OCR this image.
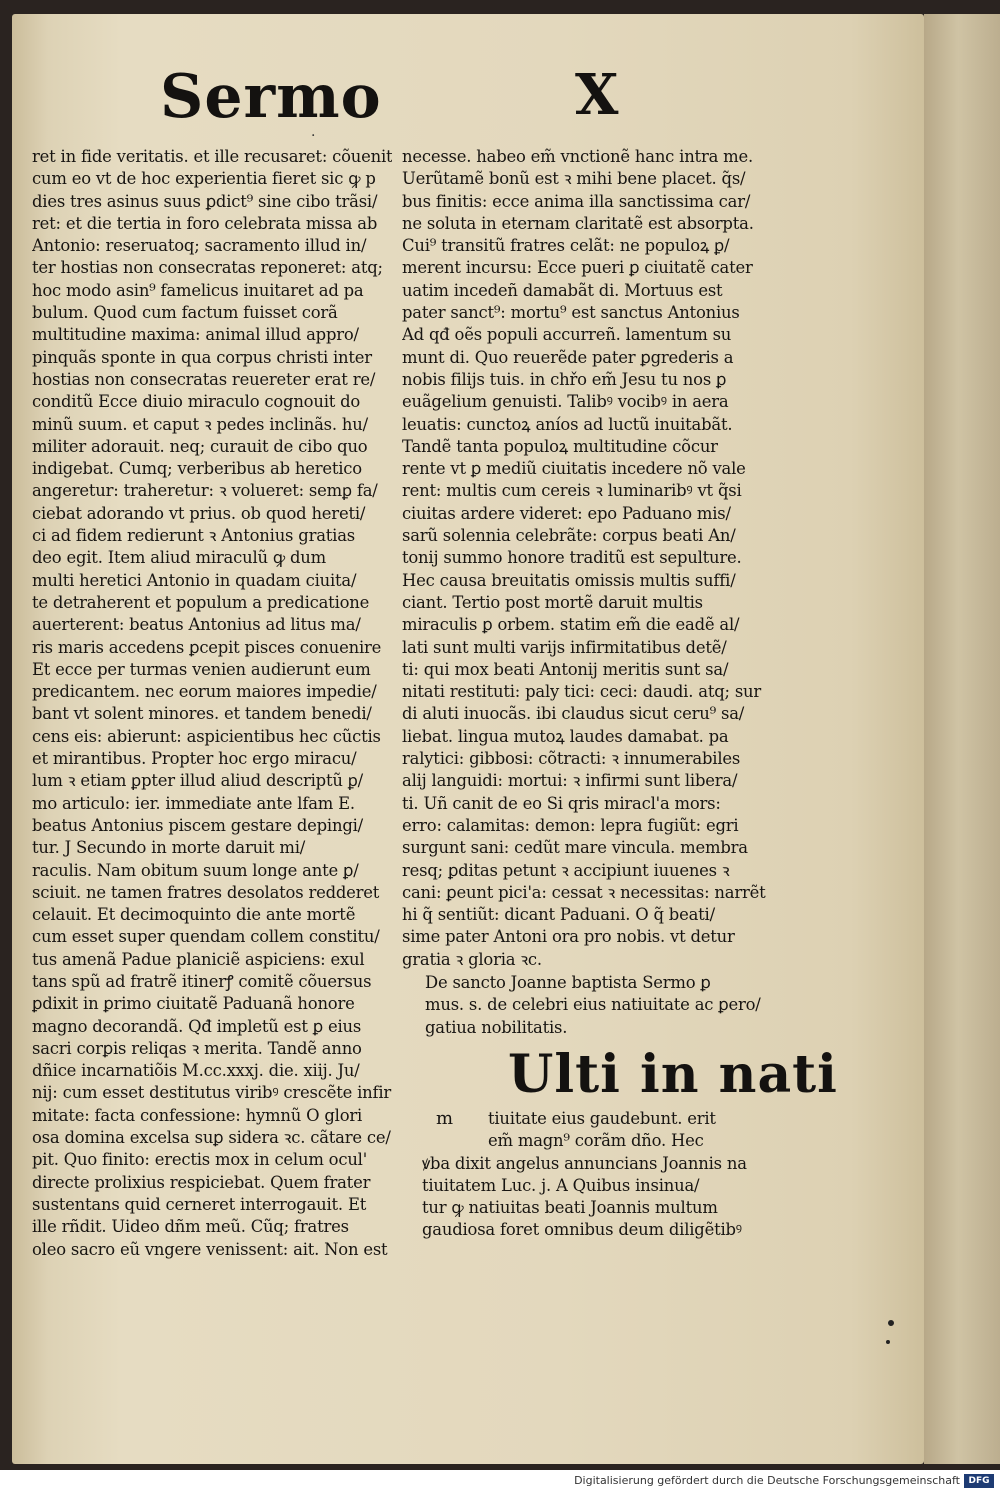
Sermo
·
X
ret in fide veritatis. et ille recusaret: cõuenit
cum eo vt de hoc experientia fieret sic ꝙ p
dies tres asinus suus ꝑdict⁹ sine cibo trãsi/
ret: et die tertia in foro celebrata missa ab
Antonio: reseruatoq; sacramento illud in/
ter hostias non consecratas reponeret: atq;
hoc modo asin⁹ famelicus inuitaret ad pa
bulum. Quod cum factum fuisset corã
multitudine maxima: animal illud appro/
pinquãs sponte in qua corpus christi inter
hostias non consecratas reuereter erat re/
conditũ Ecce diuio miraculo cognouit do
minũ suum. et caput ꝛ pedes inclinãs. hu/
militer adorauit. neq; curauit de cibo quo
indigebat. Cumq; verberibus ab heretico
angeretur: traheretur: ꝛ volueret: semꝑ fa/
ciebat adorando vt prius. ob quod hereti/
ci ad fidem redierunt ꝛ Antonius gratias
deo egit. Item aliud miraculũ ꝙ dum
multi heretici Antonio in quadam ciuita/
te detraherent et populum a predicatione
auerterent: beatus Antonius ad litus ma/
ris maris accedens ꝑcepit pisces conuenire
Et ecce per turmas venien audierunt eum
predicantem. nec eorum maiores impedie/
bant vt solent minores. et tandem benedi/
cens eis: abierunt: aspicientibus hec cũctis
et mirantibus. Propter hoc ergo miracu/
lum ꝛ etiam ꝑpter illud aliud descriptũ ꝑ/
mo articulo: ier. immediate ante lfam E.
beatus Antonius piscem gestare depingi/
tur. J Secundo in morte daruit mi/
raculis. Nam obitum suum longe ante ꝑ/
sciuit. ne tamen fratres desolatos redderet
celauit. Et decimoquinto die ante mortẽ
cum esset super quendam collem constitu/
tus amenã Padue planiciẽ aspiciens: exul
tans spũ ad fratrẽ itinerꝭ comitẽ cõuersus
ꝑdixit in ꝑrimo ciuitatẽ Paduanã honore
magno decorandã. Qđ impletũ est ꝑ eius
sacri corꝑis reliqas ꝛ merita. Tandẽ anno
dñice incarnatiõis M.cc.xxxj. die. xiij. Ju/
nij: cum esset destitutus viribꝰ crescẽte infir
mitate: facta confessione: hymnũ O glori
osa domina excelsa suꝑ sidera ꝛc. cãtare ce/
pit. Quo finito: erectis mox in celum ocul'
directe prolixius respiciebat. Quem frater
sustentans quid cerneret interrogauit. Et
ille rñdit. Uideo dñm meũ. Cũq; fratres
oleo sacro eũ vngere venissent: ait. Non est
necesse. habeo em̃ vnctionẽ hanc intra me.
Uerũtamẽ bonũ est ꝛ mihi bene placet. q̃s/
bus finitis: ecce anima illa sanctissima car/
ne soluta in eternam claritatẽ est absorpta.
Cui⁹ transitũ fratres celãt: ne populoꝝ ꝑ/
merent incursu: Ecce pueri ꝑ ciuitatẽ cater
uatim incedeñ damabãt di. Mortuus est
pater sanct⁹: mortu⁹ est sanctus Antonius
Ad qđ oẽs populi accurreñ. lamentum su
munt di. Quo reuerẽde pater ꝑgrederis a
nobis filijs tuis. in chřo em̃ Jesu tu nos ꝑ
euãgelium genuisti. Talibꝰ vocibꝰ in aera
leuatis: cunctoꝝ aníos ad luctũ inuitabãt.
Tandẽ tanta populoꝝ multitudine cõcur
rente vt ꝑ mediũ ciuitatis incedere nõ vale
rent: multis cum cereis ꝛ luminaribꝰ vt q̃si
ciuitas ardere videret: epo Paduano mis/
sarũ solennia celebrãte: corpus beati An/
tonij summo honore traditũ est sepulture.
Hec causa breuitatis omissis multis suffi/
ciant. Tertio post mortẽ daruit multis
miraculis ꝑ orbem. statim em̃ die eadẽ al/
lati sunt multi varijs infirmitatibus detẽ/
ti: qui mox beati Antonij meritis sunt sa/
nitati restituti: paly tici: ceci: daudi. atq; sur
di aluti inuocãs. ibi claudus sicut ceru⁹ sa/
liebat. lingua mutoꝝ laudes damabat. pa
ralytici: gibbosi: cõtracti: ꝛ innumerabiles
alij languidi: mortui: ꝛ infirmi sunt libera/
ti. Uñ canit de eo Si qris miracl'a mors:
erro: calamitas: demon: lepra fugiũt: egri
surgunt sani: cedũt mare vincula. membra
resq; ꝑditas petunt ꝛ accipiunt iuuenes ꝛ
cani: ꝑeunt pici'a: cessat ꝛ necessitas: narrẽt
hi q̃ sentiũt: dicant Paduani. O q̃ beati/
sime pater Antoni ora pro nobis. vt detur
gratia ꝛ gloria ꝛc.
De sancto Joanne baptista Sermo ꝑ
mus. s. de celebri eius natiuitate ac ꝑero/
gatiua nobilitatis.
Ulti in nati
m	tiuitate eius gaudebunt. erit
em̃ magn⁹ corãm dño. Hec
ꝟba dixit angelus annuncians Joannis na
tiuitatem Luc. j. A Quibus insinua/
tur ꝙ natiuitas beati Joannis multum
gaudiosa foret omnibus deum diligẽtibꝰ
Digitalisierung gefördert durch die Deutsche Forschungsgemeinschaft DFG
